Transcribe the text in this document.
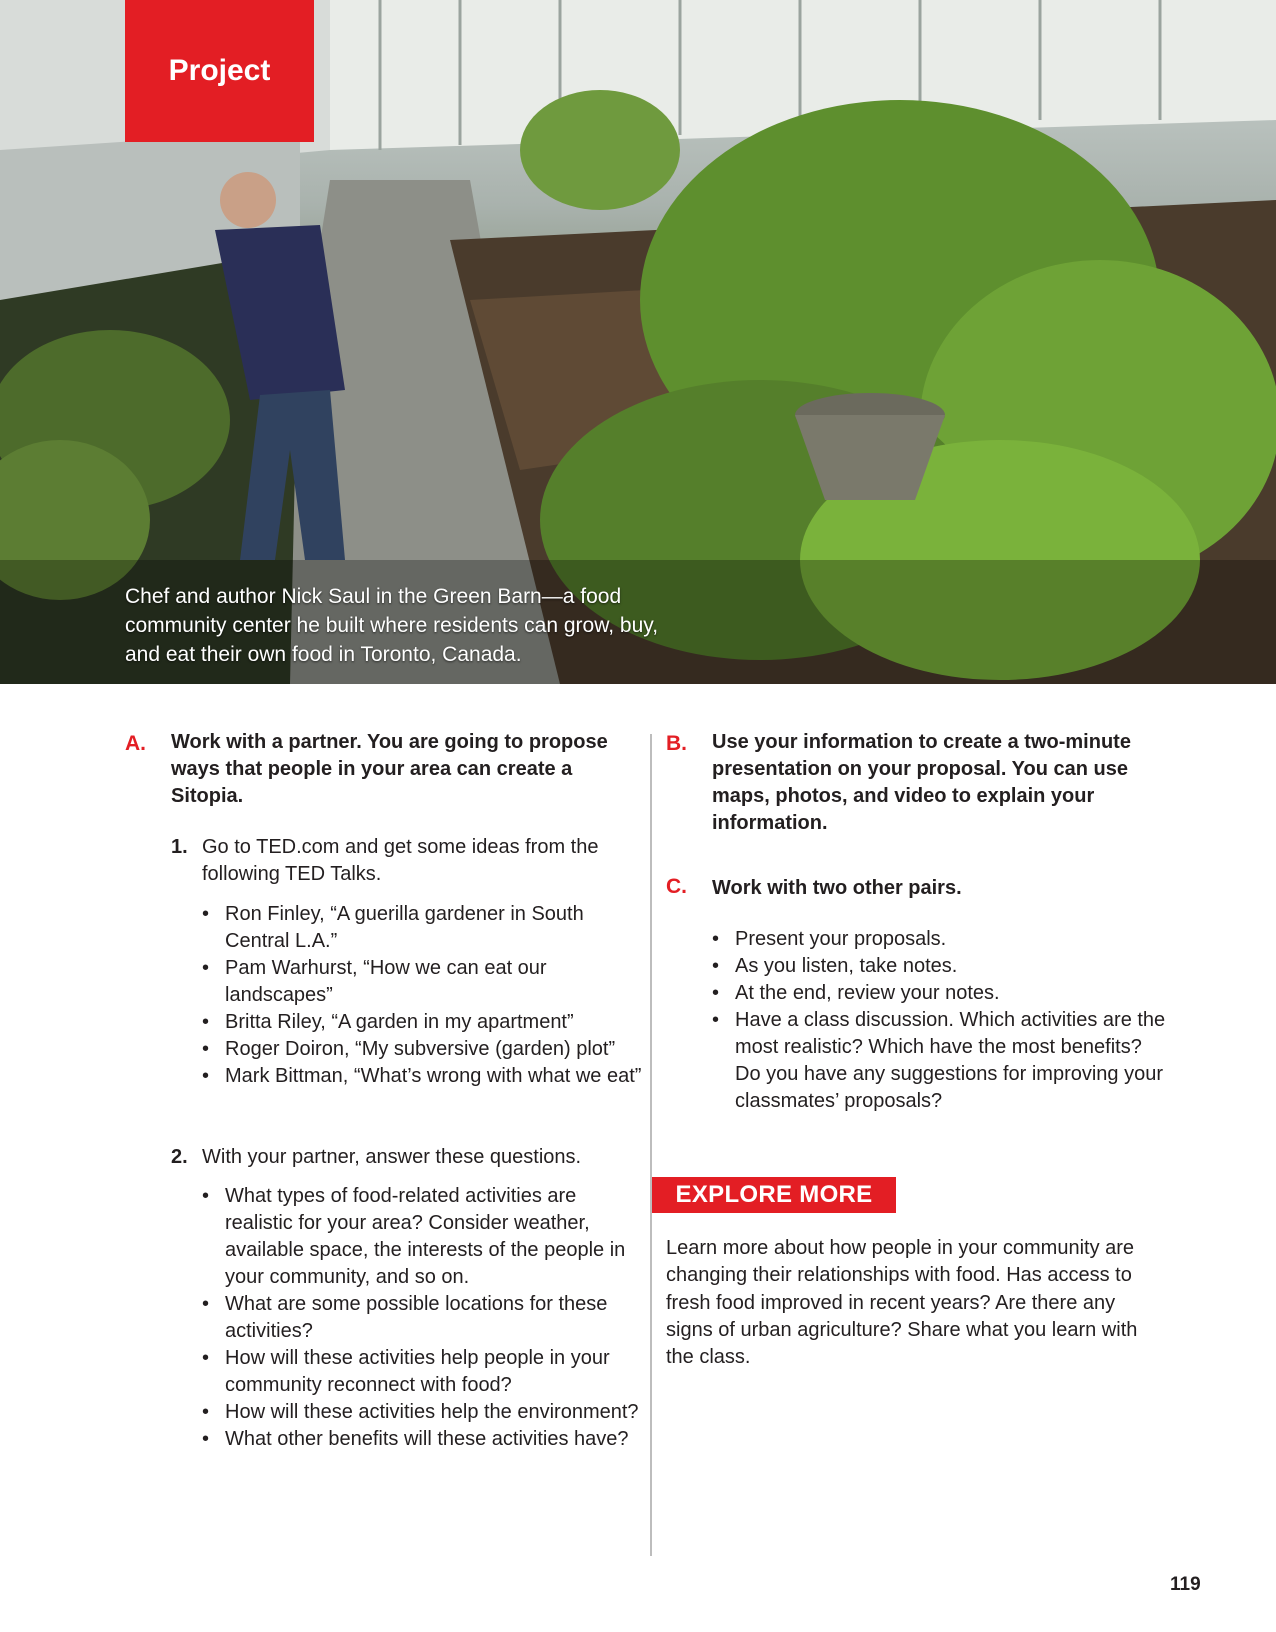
Project
Chef and author Nick Saul in the Green Barn—a food community center he built where residents can grow, buy, and eat their own food in Toronto, Canada.
A. Work with a partner. You are going to propose ways that people in your area can create a Sitopia.
1. Go to TED.com and get some ideas from the following TED Talks.
• Ron Finley, “A guerilla gardener in South Central L.A.”
• Pam Warhurst, “How we can eat our landscapes”
• Britta Riley, “A garden in my apartment”
• Roger Doiron, “My subversive (garden) plot”
• Mark Bittman, “What’s wrong with what we eat”
2. With your partner, answer these questions.
• What types of food-related activities are realistic for your area? Consider weather, available space, the interests of the people in your community, and so on.
• What are some possible locations for these activities?
• How will these activities help people in your community reconnect with food?
• How will these activities help the environment?
• What other benefits will these activities have?
B. Use your information to create a two-minute presentation on your proposal. You can use maps, photos, and video to explain your information.
C. Work with two other pairs.
• Present your proposals.
• As you listen, take notes.
• At the end, review your notes.
• Have a class discussion. Which activities are the most realistic? Which have the most benefits? Do you have any suggestions for improving your classmates’ proposals?
EXPLORE MORE
Learn more about how people in your community are changing their relationships with food. Has access to fresh food improved in recent years? Are there any signs of urban agriculture? Share what you learn with the class.
119
